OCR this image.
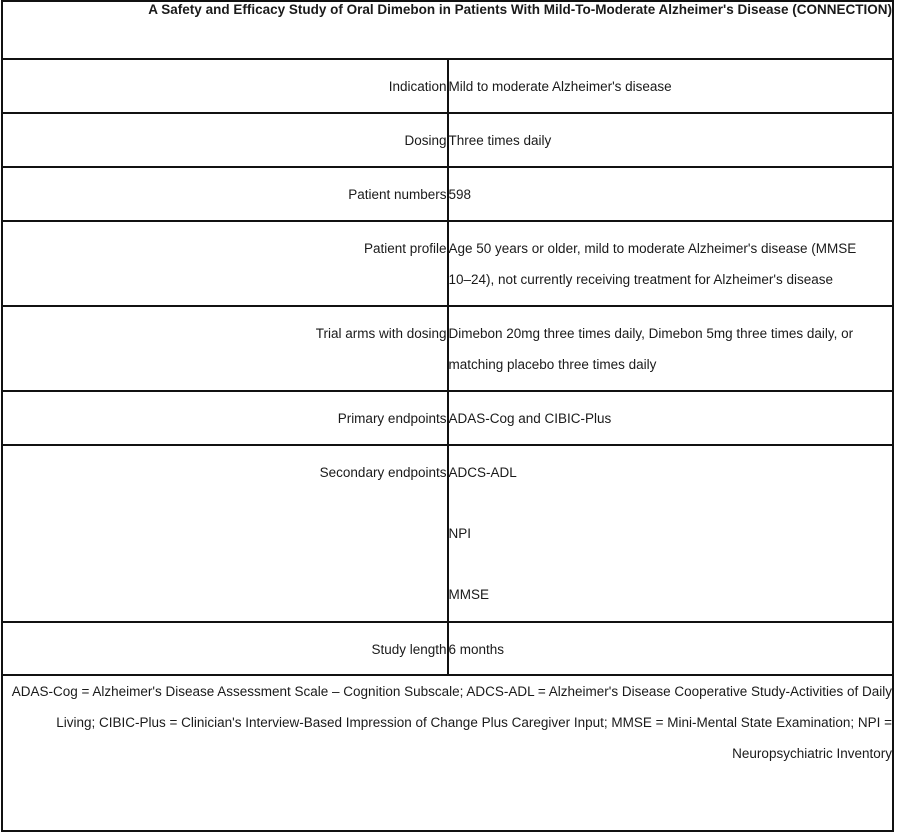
A Safety and Efficacy Study of Oral Dimebon in Patients With Mild-To-Moderate Alzheimer's Disease (CONNECTION)	

Indication	Mild to moderate Alzheimer's disease

Dosing	Three times daily

Patient numbers	598

Patient profile	Age 50 years or older, mild to moderate Alzheimer's disease (MMSE
10–24), not currently receiving treatment for Alzheimer's disease

Trial arms with dosing	Dimebon 20mg three times daily, Dimebon 5mg three times daily, or
matching placebo three times daily

Primary endpoints	ADAS-Cog and CIBIC-Plus

Secondary endpoints	ADCS-ADL
NPI
MMSE

Study length	6 months

ADAS-Cog = Alzheimer's Disease Assessment Scale – Cognition Subscale; ADCS-ADL = Alzheimer's Disease Cooperative Study-Activities of Daily
Living; CIBIC-Plus = Clinician's Interview-Based Impression of Change Plus Caregiver Input; MMSE = Mini-Mental State Examination; NPI =
Neuropsychiatric Inventory	
